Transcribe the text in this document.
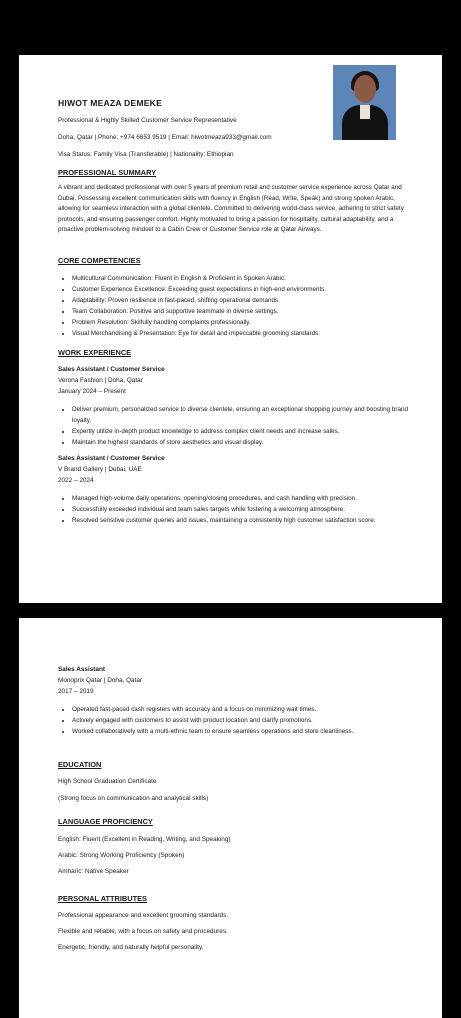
HIWOT MEAZA DEMEKE
Professional & Highly Skilled Customer Service Representative
Doha, Qatar | Phone: +974 6653 9519 | Email: hiwotmeaza933@gmail.com
Visa Status: Family Visa (Transferable) | Nationality: Ethiopian
PROFESSIONAL SUMMARY

A vibrant and dedicated professional with over 5 years of premium retail and customer service experience across Qatar and Dubai. Possessing excellent communication skills with fluency in English (Read, Write, Speak) and strong spoken Arabic, allowing for seamless interaction with a global clientele. Committed to delivering world-class service, adhering to strict safety protocols, and ensuring passenger comfort. Highly motivated to bring a passion for hospitality, cultural adaptability, and a proactive problem-solving mindset to a Cabin Crew or Customer Service role at Qatar Airways.

CORE COMPETENCIES
• Multicultural Communication: Fluent in English & Proficient in Spoken Arabic.
• Customer Experience Excellence: Exceeding guest expectations in high-end environments.
• Adaptability: Proven resilience in fast-paced, shifting operational demands.
• Team Collaboration: Positive and supportive teammate in diverse settings.
• Problem Resolution: Skilfully handling complaints professionally.
• Visual Merchandising & Presentation: Eye for detail and impeccable grooming standards.
WORK EXPERIENCE
Sales Assistant / Customer Service
Verona Fashion | Doha, Qatar
January 2024 – Present
• Deliver premium, personalized service to diverse clientele, ensuring an exceptional shopping journey and boosting brand loyalty.
• Expertly utilize in-depth product knowledge to address complex client needs and increase sales.
• Maintain the highest standards of store aesthetics and visual display.
Sales Assistant / Customer Service
V Brand Gallery | Dubai, UAE
2022 – 2024
• Managed high-volume daily operations, opening/closing procedures, and cash handling with precision.
• Successfully exceeded individual and team sales targets while fostering a welcoming atmosphere.
• Resolved sensitive customer queries and issues, maintaining a consistently high customer satisfaction score.
Sales Assistant
Monoprix Qatar | Doha, Qatar
2017 – 2019
• Operated fast-paced cash registers with accuracy and a focus on minimizing wait times.
• Actively engaged with customers to assist with product location and clarify promotions.
• Worked collaboratively with a multi-ethnic team to ensure seamless operations and store cleanliness.
EDUCATION
High School Graduation Certificate
(Strong focus on communication and analytical skills)
LANGUAGE PROFICIENCY
English: Fluent (Excellent in Reading, Writing, and Speaking)
Arabic: Strong Working Proficiency (Spoken)
Amharic: Native Speaker
PERSONAL ATTRIBUTES
Professional appearance and excellent grooming standards.
Flexible and reliable, with a focus on safety and procedures.
Energetic, friendly, and naturally helpful personality.
